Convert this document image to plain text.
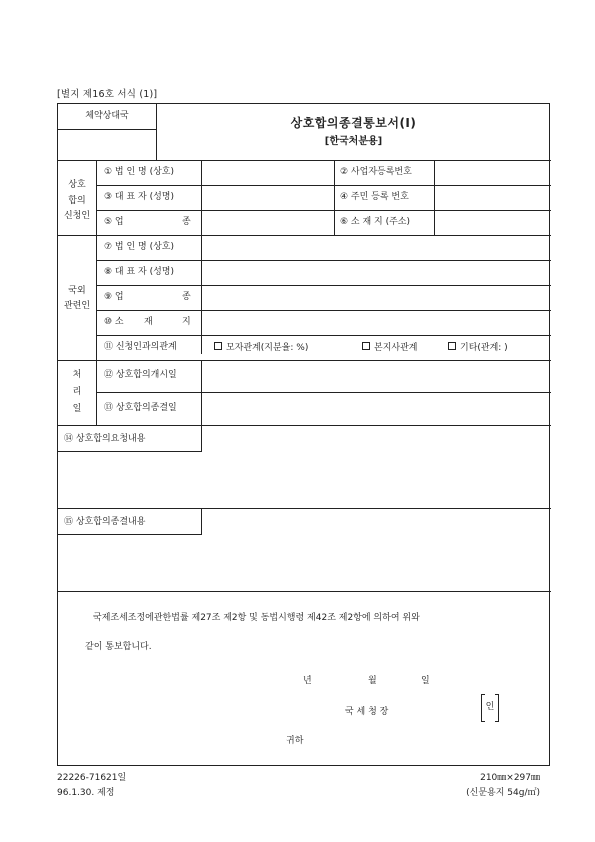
[별지 제16호 서식 (1)]
체약상대국	상호합의종결통보서(Ⅰ)
[한국처분용]
상호
합의
신청인
① 법 인 명 (상호)	② 사업자등록번호
③ 대 표 자 (성명)	④ 주민 등록 번호
⑤ 업	종	⑥ 소 재 지 (주소)
국외
관련인
⑦ 법 인 명 (상호)
⑧ 대 표 자 (성명)
⑨ 업	종
⑩ 소 재	지
⑪ 신청인과의관계	모자관계(지분율: %)	본지사관계	기타(관계: )
처
리
일
⑫ 상호합의개시일
⑬ 상호합의종결일
⑭ 상호합의요청내용
⑮ 상호합의종결내용
국제조세조정에관한법률 제27조 제2항 및 동법시행령 제42조 제2항에 의하여 위와
같이 통보합니다.
년	월	일
국 세 청 장
귀하
인
22226-71621일
96.1.30. 제정
210㎜×297㎜
(신문용지 54g/㎡)
